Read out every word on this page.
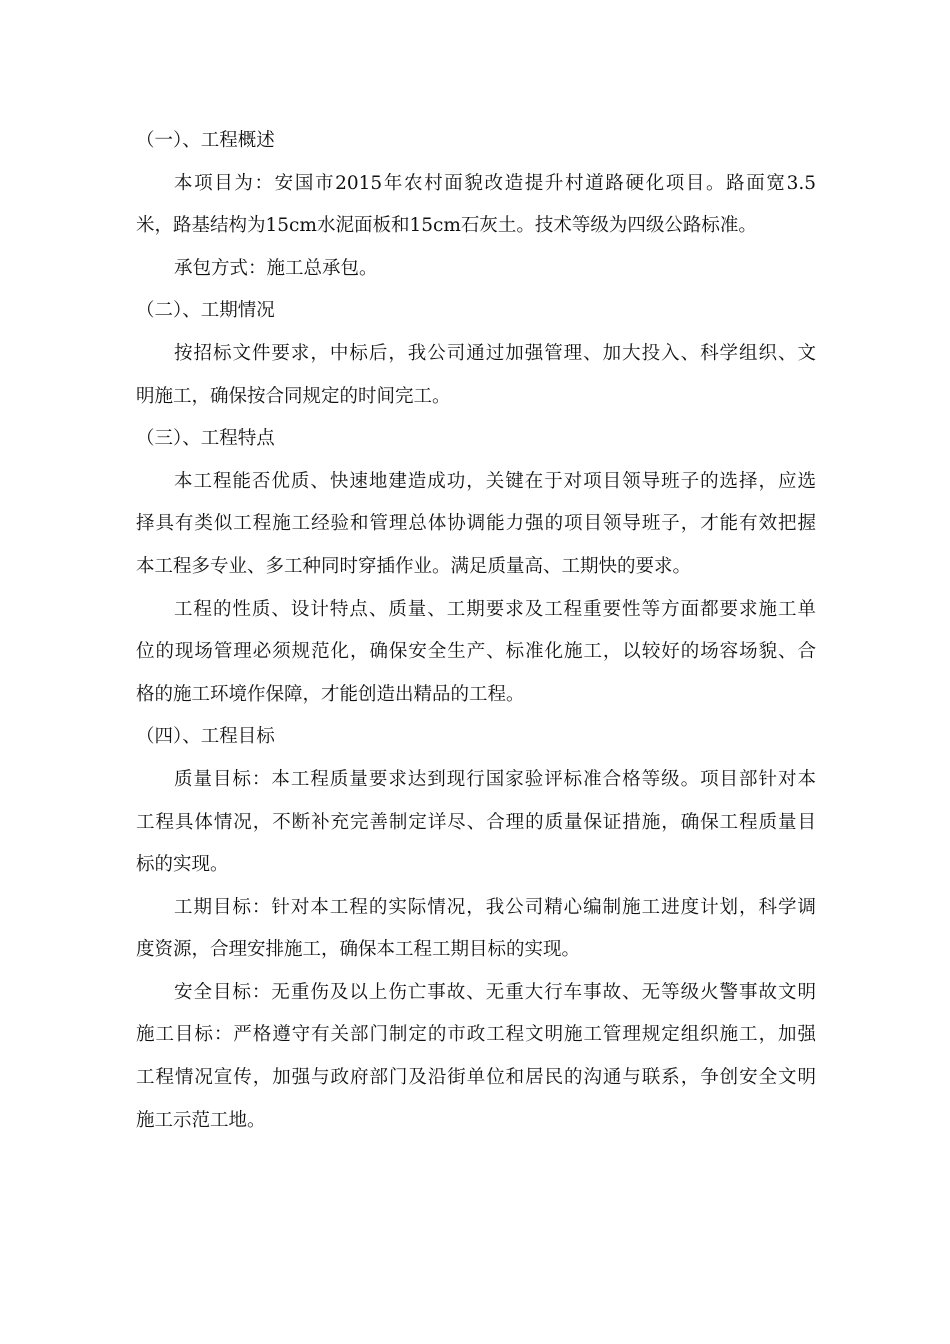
（一）、工程概述
本项目为：安国市2015年农村面貌改造提升村道路硬化项目。路面宽3.5
米，路基结构为15cm水泥面板和15cm石灰土。技术等级为四级公路标准。
承包方式：施工总承包。
（二）、工期情况
按招标文件要求，中标后，我公司通过加强管理、加大投入、科学组织、文
明施工，确保按合同规定的时间完工。
（三）、工程特点
本工程能否优质、快速地建造成功，关键在于对项目领导班子的选择，应选
择具有类似工程施工经验和管理总体协调能力强的项目领导班子，才能有效把握
本工程多专业、多工种同时穿插作业。满足质量高、工期快的要求。
工程的性质、设计特点、质量、工期要求及工程重要性等方面都要求施工单
位的现场管理必须规范化，确保安全生产、标准化施工，以较好的场容场貌、合
格的施工环境作保障，才能创造出精品的工程。
（四）、工程目标
质量目标：本工程质量要求达到现行国家验评标准合格等级。项目部针对本
工程具体情况，不断补充完善制定详尽、合理的质量保证措施，确保工程质量目
标的实现。
工期目标：针对本工程的实际情况，我公司精心编制施工进度计划，科学调
度资源，合理安排施工，确保本工程工期目标的实现。
安全目标：无重伤及以上伤亡事故、无重大行车事故、无等级火警事故文明
施工目标：严格遵守有关部门制定的市政工程文明施工管理规定组织施工，加强
工程情况宣传，加强与政府部门及沿街单位和居民的沟通与联系，争创安全文明
施工示范工地。
